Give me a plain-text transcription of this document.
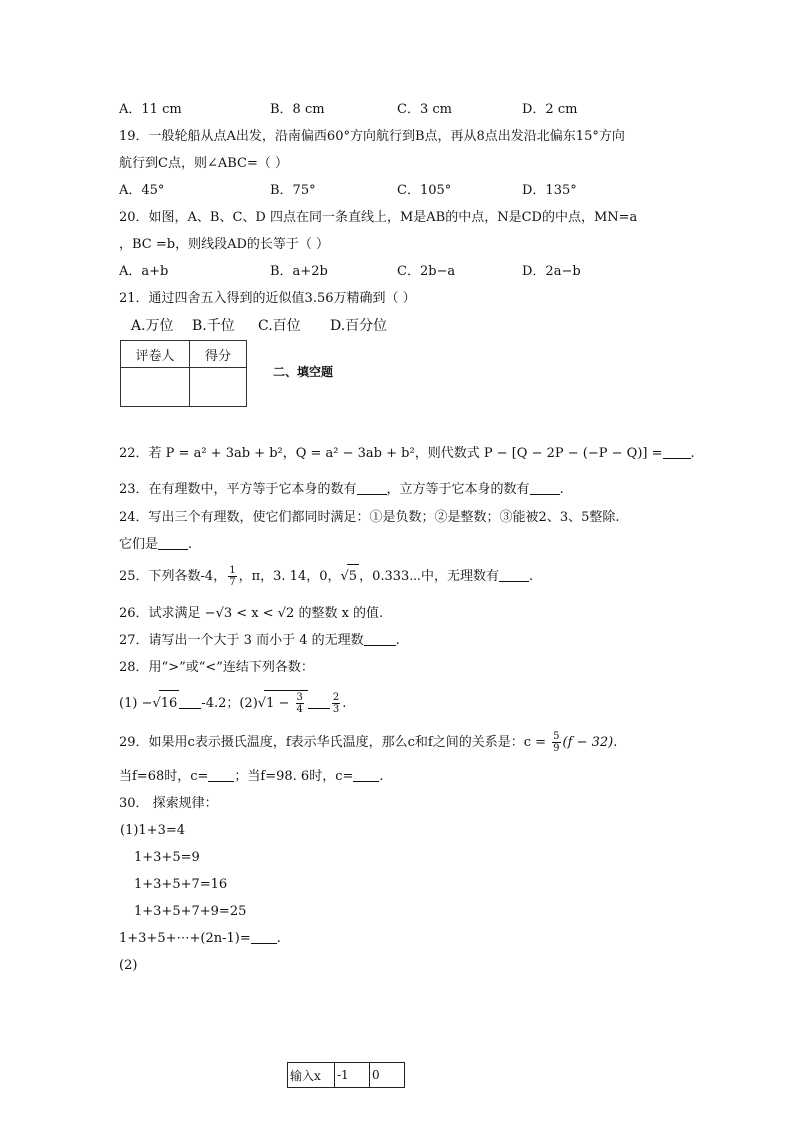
A．11 cm	B．8 cm	C．3 cm	D．2 cm
19．一般轮船从点A出发，沿南偏西60°方向航行到B点，再从8点出发沿北偏东15°方向
航行到C点，则∠ABC=（ ）
A．45°	B．75°	C．105°	D．135°
20．如图，A、B、C、D 四点在同一条直线上，M是AB的中点，N是CD的中点，MN=a
，BC =b，则线段AD的长等于（ ）
A．a+b	B．a+2b	C．2b−a	D．2a−b
21．通过四舍五入得到的近似值3.56万精确到（ ）
A.万位 B.千位 C.百位 D.百分位
评卷人	得分

二、填空题
22．若 P = a² + 3ab + b²，Q = a² − 3ab + b²，则代数式 P − [Q − 2P − (−P − Q)] = .
23．在有理数中，平方等于它本身的数有 ，立方等于它本身的数有 .
24．写出三个有理数，使它们都同时满足：①是负数；②是整数；③能被2、3、5整除.
它们是 .
25．下列各数-4， $\frac{1}{7}$ ，π，3. 14，0，√5 ，0.333⋯中，无理数有 .
26．试求满足 −√3 < x < √2 的整数 x 的值.
27．请写出一个大于 3 而小于 4 的无理数 .
28．用“>”或“<”连结下列各数：
(1) −√16 -4.2；$(2)√1 - \frac{3}{4}$	$\frac{2}{3}$ .
29．如果用c表示摄氏温度，f表示华氏温度，那么c和f之间的关系是：$c = \frac{5}{9} (f - 32)$.
当f=68时，c= ；当f=98. 6时，c= .
30． 探索规律：
(1)1+3=4
1+3+5=9
1+3+5+7=16
1+3+5+7+9=25
1+3+5+⋯+(2n-1)= .
(2)
输入x	-1	0
